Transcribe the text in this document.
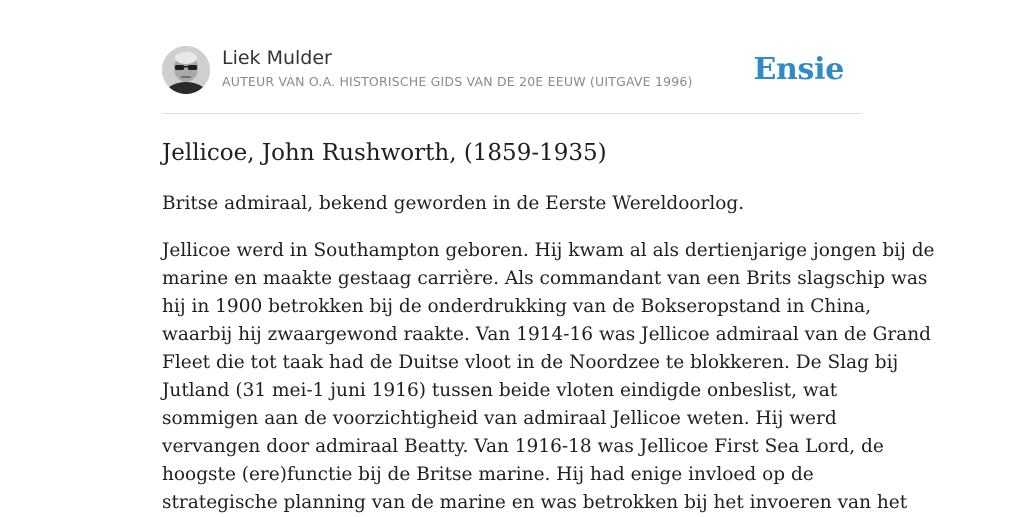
Liek Mulder
AUTEUR VAN O.A. HISTORISCHE GIDS VAN DE 20E EEUW (UITGAVE 1996) Ensie
Jellicoe, John Rushworth, (1859-1935)

Britse admiraal, bekend geworden in de Eerste Wereldoorlog.

Jellicoe werd in Southampton geboren. Hij kwam al als dertienjarige jongen bij de
marine en maakte gestaag carrière. Als commandant van een Brits slagschip was
hij in 1900 betrokken bij de onderdrukking van de Bokseropstand in China,
waarbij hij zwaargewond raakte. Van 1914-16 was Jellicoe admiraal van de Grand
Fleet die tot taak had de Duitse vloot in de Noordzee te blokkeren. De Slag bij
Jutland (31 mei-1 juni 1916) tussen beide vloten eindigde onbeslist, wat
sommigen aan de voorzichtigheid van admiraal Jellicoe weten. Hij werd
vervangen door admiraal Beatty. Van 1916-18 was Jellicoe First Sea Lord, de
hoogste (ere)functie bij de Britse marine. Hij had enige invloed op de
strategische planning van de marine en was betrokken bij het invoeren van het
